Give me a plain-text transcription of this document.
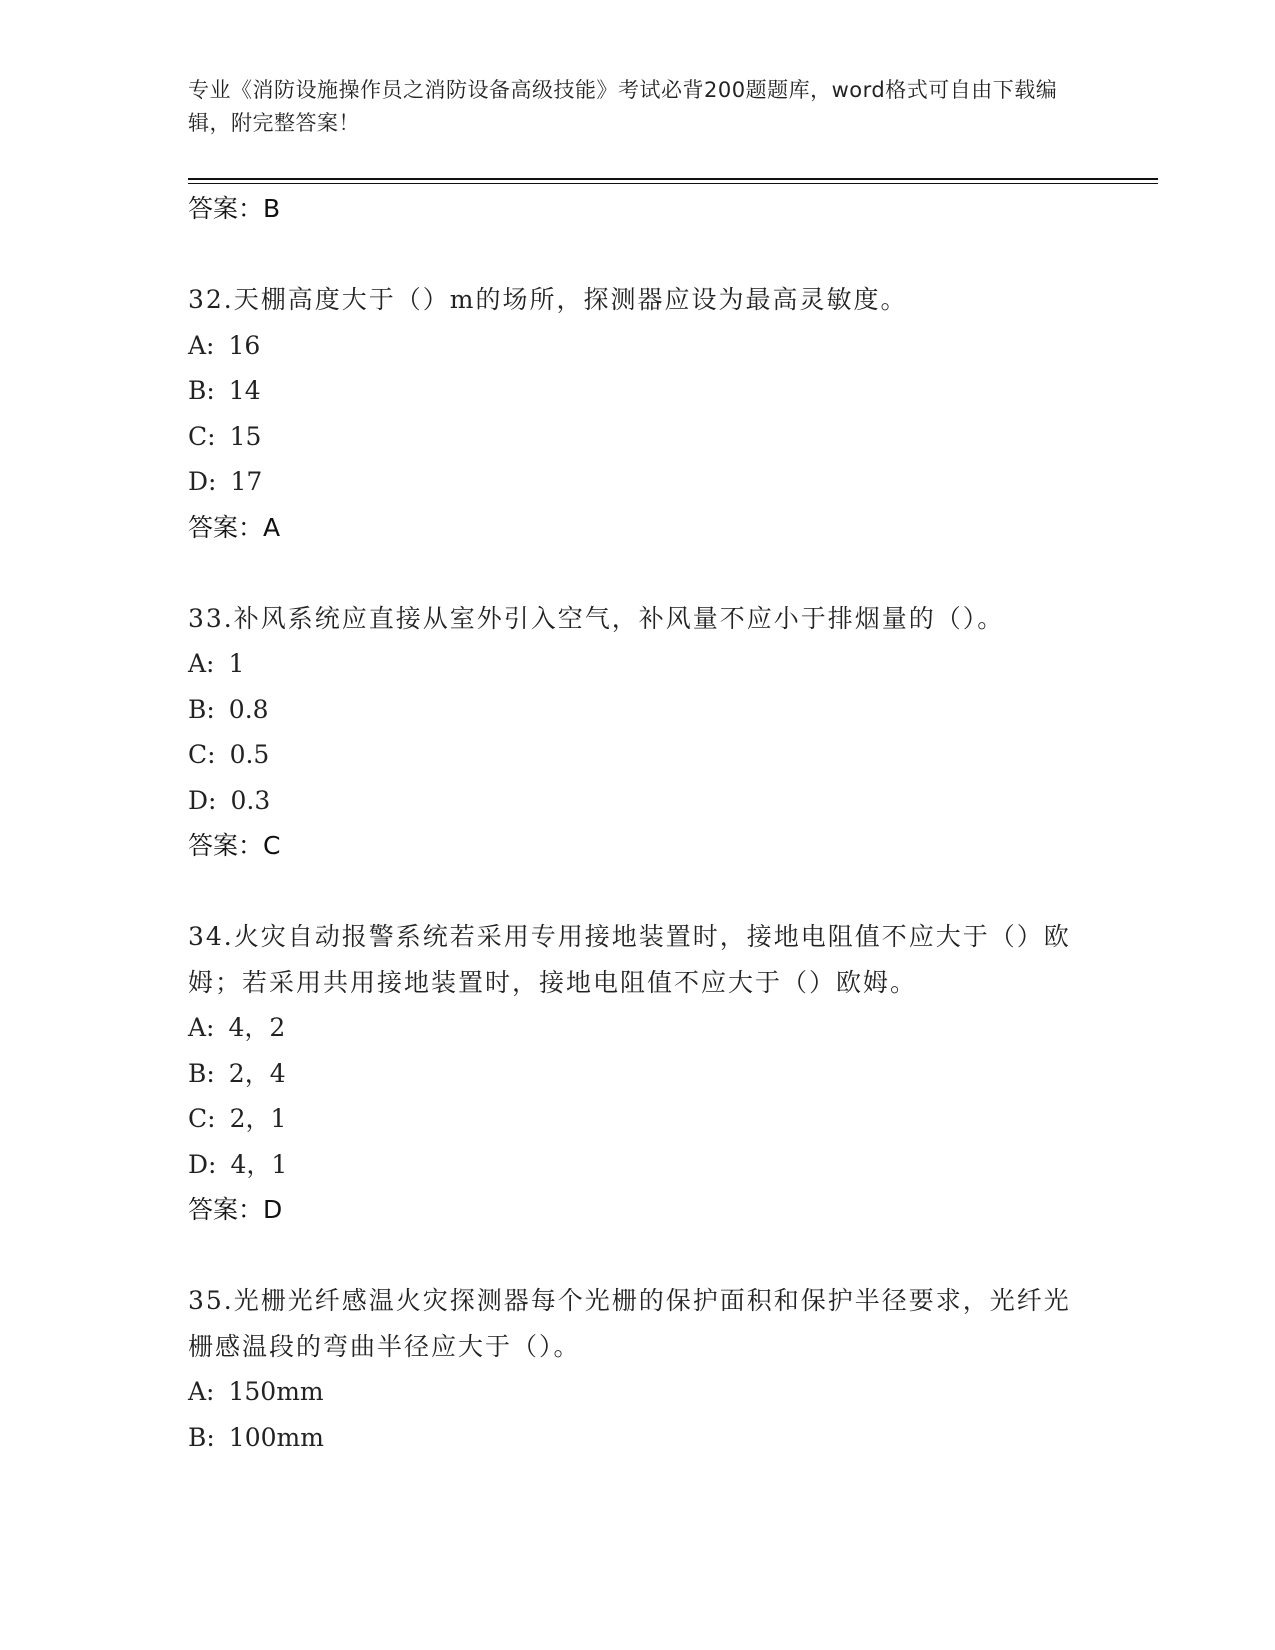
专业《消防设施操作员之消防设备高级技能》考试必背200题题库，word格式可自由下载编辑，附完整答案！
答案：B
32.天棚高度大于（）m的场所，探测器应设为最高灵敏度。
A: 16
B: 14
C: 15
D: 17
答案：A
33.补风系统应直接从室外引入空气，补风量不应小于排烟量的（）。
A: 1
B: 0.8
C: 0.5
D: 0.3
答案：C
34.火灾自动报警系统若采用专用接地装置时，接地电阻值不应大于（）欧姆；若采用共用接地装置时，接地电阻值不应大于（）欧姆。
A: 4，2
B: 2，4
C: 2，1
D: 4，1
答案：D
35.光栅光纤感温火灾探测器每个光栅的保护面积和保护半径要求，光纤光栅感温段的弯曲半径应大于（）。
A: 150mm
B: 100mm
